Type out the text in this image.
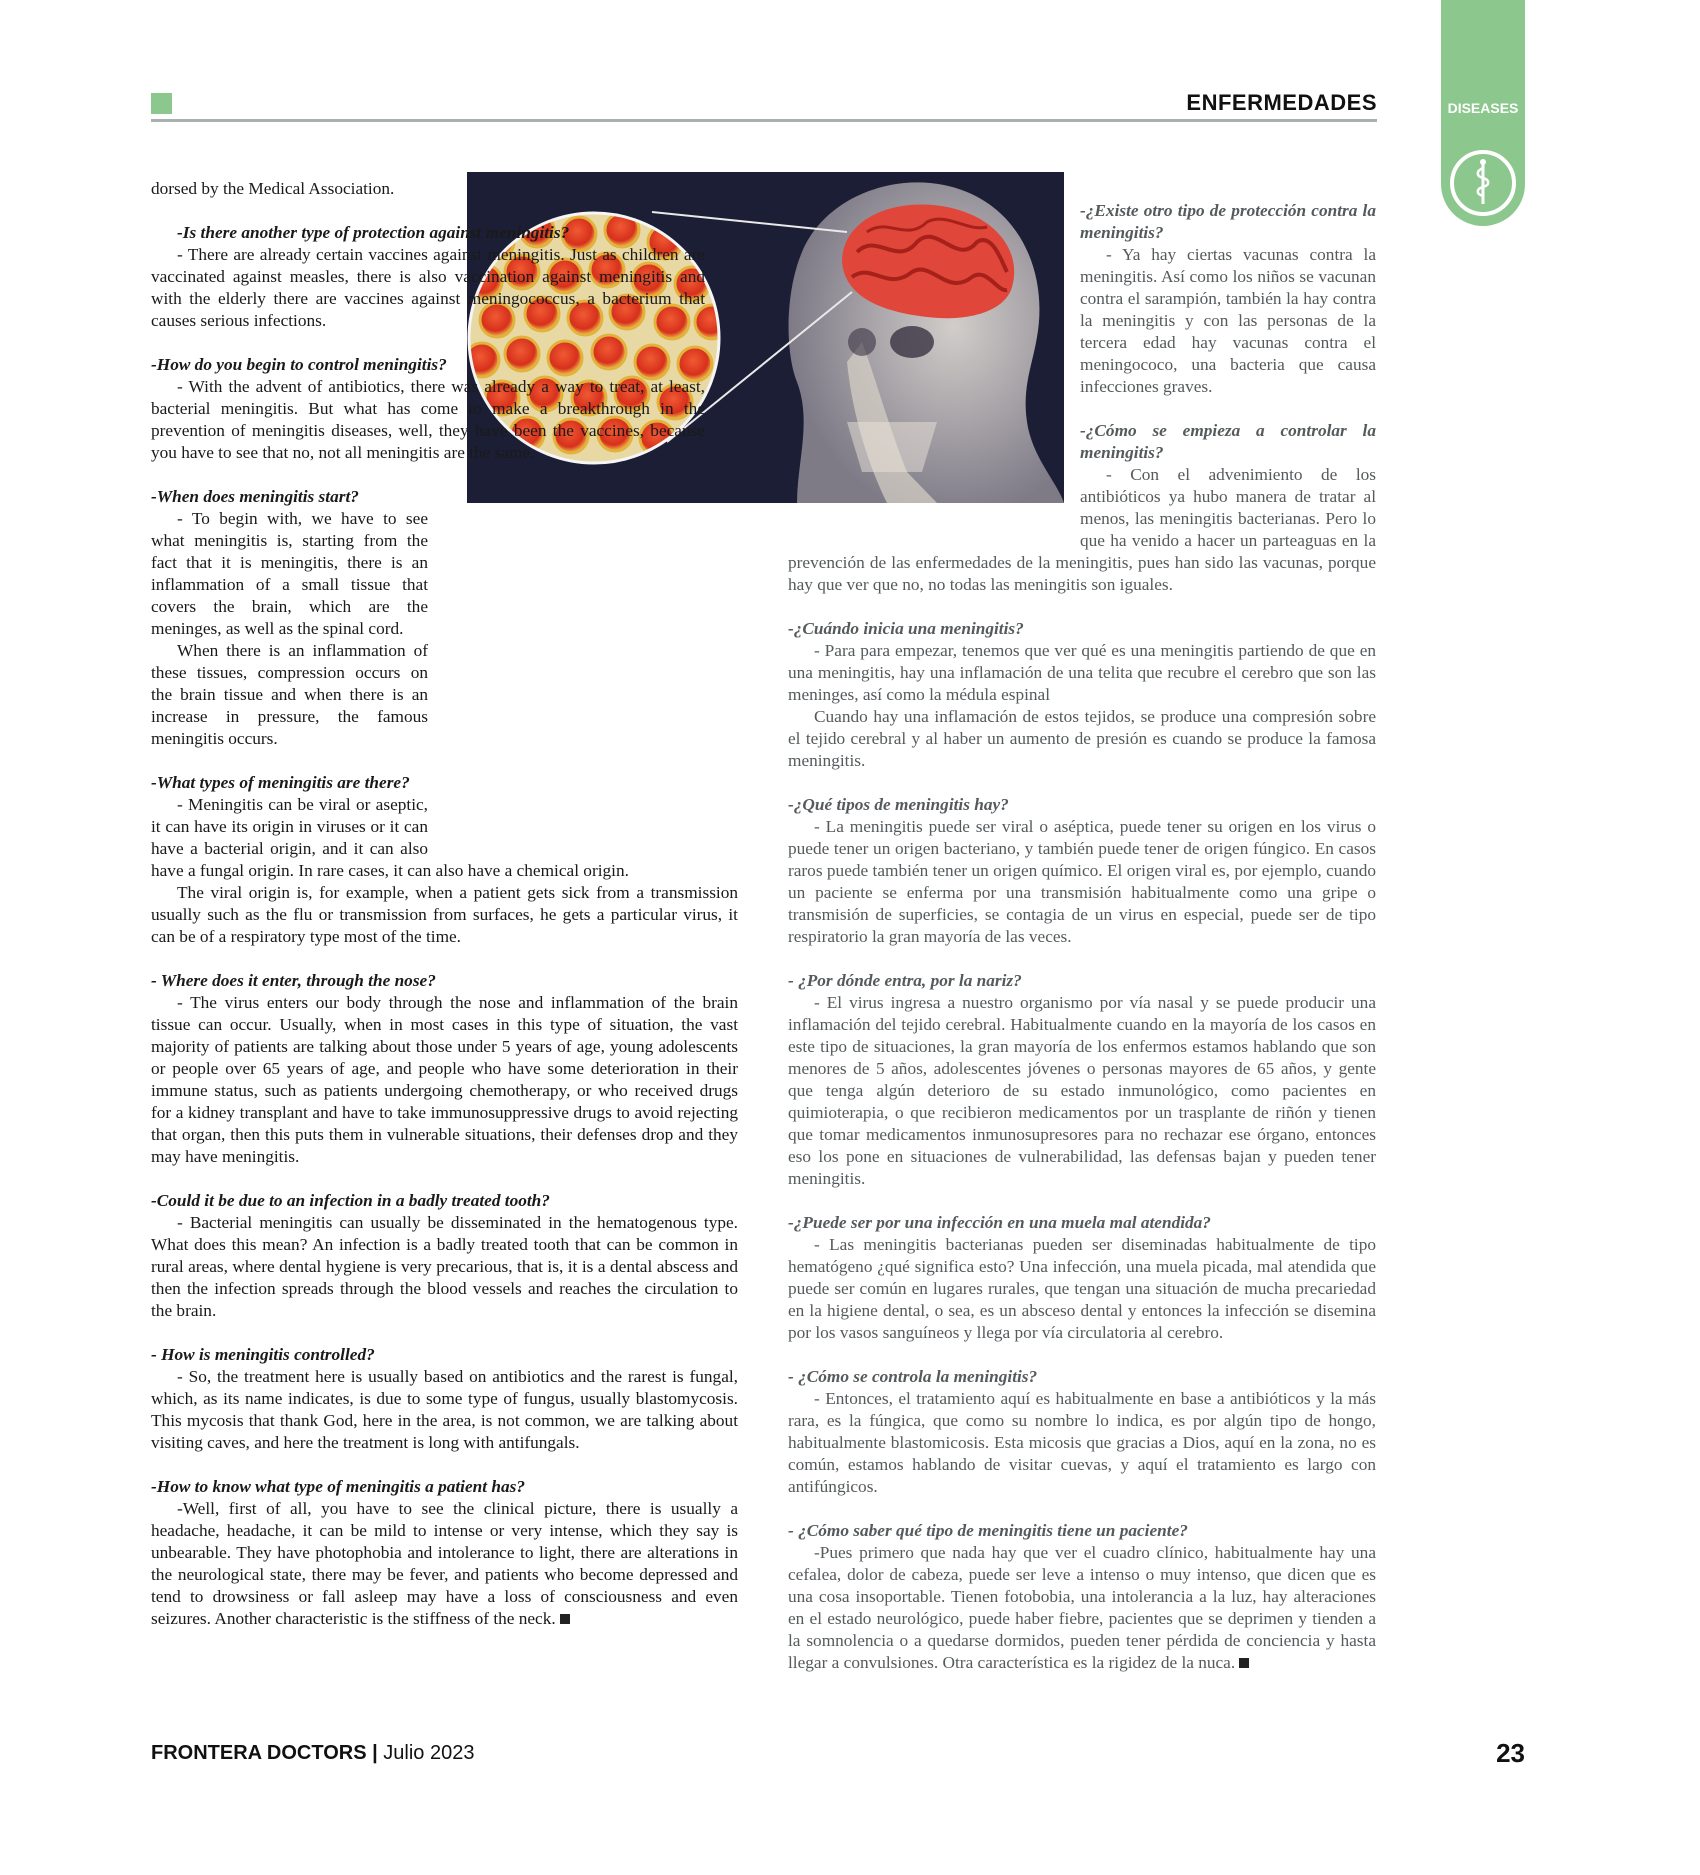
ENFERMEDADES	DISEASES

dorsed by the Medical Association.

-Is there another type of protection against meningitis?

- There are already certain vaccines against meningitis. Just as children are vaccinated against measles, there is also vaccination against meningitis and with the elderly there are vaccines against meningococcus, a bacterium that causes serious infections.

-How do you begin to control meningitis?

- With the advent of antibiotics, there was already a way to treat, at least, bacterial meningitis. But what has come to make a breakthrough in the prevention of meningitis diseases, well, they have been the vaccines, because you have to see that no, not all meningitis are the same.

-When does meningitis start?

- To begin with, we have to see what meningitis is, starting from the fact that it is meningitis, there is an inflammation of a small tissue that covers the brain, which are the meninges, as well as the spinal cord.

When there is an inflammation of these tissues, compression occurs on the brain tissue and when there is an increase in pressure, the famous meningitis occurs.

-What types of meningitis are there?

- Meningitis can be viral or aseptic, it can have its origin in viruses or it can have a bacterial origin, and it can also have a fungal origin. In rare cases, it can also have a chemical origin.

The viral origin is, for example, when a patient gets sick from a transmission usually such as the flu or transmission from surfaces, he gets a particular virus, it can be of a respiratory type most of the time.

- Where does it enter, through the nose?

- The virus enters our body through the nose and inflammation of the brain tissue can occur. Usually, when in most cases in this type of situation, the vast majority of patients are talking about those under 5 years of age, young adolescents or people over 65 years of age, and people who have some deterioration in their immune status, such as patients undergoing chemotherapy, or who received drugs for a kidney transplant and have to take immunosuppressive drugs to avoid rejecting that organ, then this puts them in vulnerable situations, their defenses drop and they may have meningitis.

-Could it be due to an infection in a badly treated tooth?

- Bacterial meningitis can usually be disseminated in the hematogenous type. What does this mean? An infection is a badly treated tooth that can be common in rural areas, where dental hygiene is very precarious, that is, it is a dental abscess and then the infection spreads through the blood vessels and reaches the circulation to the brain.

- How is meningitis controlled?

- So, the treatment here is usually based on antibiotics and the rarest is fungal, which, as its name indicates, is due to some type of fungus, usually blastomycosis. This mycosis that thank God, here in the area, is not common, we are talking about visiting caves, and here the treatment is long with antifungals.

-How to know what type of meningitis a patient has?

-Well, first of all, you have to see the clinical picture, there is usually a headache, headache, it can be mild to intense or very intense, which they say is unbearable. They have photophobia and intolerance to light, there are alterations in the neurological state, there may be fever, and patients who become depressed and tend to drowsiness or fall asleep may have a loss of consciousness and even seizures. Another characteristic is the stiffness of the neck.

-¿Existe otro tipo de protección contra la meningitis?

- Ya hay ciertas vacunas contra la meningitis. Así como los niños se vacunan contra el sarampión, también la hay contra la meningitis y con las personas de la tercera edad hay vacunas contra el meningococo, una bacteria que causa infecciones graves.

-¿Cómo se empieza a controlar la meningitis?

- Con el advenimiento de los antibióticos ya hubo manera de tratar al menos, las meningitis bacterianas. Pero lo que ha venido a hacer un parteaguas en la prevención de las enfermedades de la meningitis, pues han sido las vacunas, porque hay que ver que no, no todas las meningitis son iguales.

-¿Cuándo inicia una meningitis?

- Para para empezar, tenemos que ver qué es una meningitis partiendo de que en una meningitis, hay una inflamación de una telita que recubre el cerebro que son las meninges, así como la médula espinal

Cuando hay una inflamación de estos tejidos, se produce una compresión sobre el tejido cerebral y al haber un aumento de presión es cuando se produce la famosa meningitis.

-¿Qué tipos de meningitis hay?

- La meningitis puede ser viral o aséptica, puede tener su origen en los virus o puede tener un origen bacteriano, y también puede tener de origen fúngico. En casos raros puede también tener un origen químico. El origen viral es, por ejemplo, cuando un paciente se enferma por una transmisión habitualmente como una gripe o transmisión de superficies, se contagia de un virus en especial, puede ser de tipo respiratorio la gran mayoría de las veces.

- ¿Por dónde entra, por la nariz?

- El virus ingresa a nuestro organismo por vía nasal y se puede producir una inflamación del tejido cerebral. Habitualmente cuando en la mayoría de los casos en este tipo de situaciones, la gran mayoría de los enfermos estamos hablando que son menores de 5 años, adolescentes jóvenes o personas mayores de 65 años, y gente que tenga algún deterioro de su estado inmunológico, como pacientes en quimioterapia, o que recibieron medicamentos por un trasplante de riñón y tienen que tomar medicamentos inmunosupresores para no rechazar ese órgano, entonces eso los pone en situaciones de vulnerabilidad, las defensas bajan y pueden tener meningitis.

-¿Puede ser por una infección en una muela mal atendida?

- Las meningitis bacterianas pueden ser diseminadas habitualmente de tipo hematógeno ¿qué significa esto? Una infección, una muela picada, mal atendida que puede ser común en lugares rurales, que tengan una situación de mucha precariedad en la higiene dental, o sea, es un absceso dental y entonces la infección se disemina por los vasos sanguíneos y llega por vía circulatoria al cerebro.

- ¿Cómo se controla la meningitis?

- Entonces, el tratamiento aquí es habitualmente en base a antibióticos y la más rara, es la fúngica, que como su nombre lo indica, es por algún tipo de hongo, habitualmente blastomicosis. Esta micosis que gracias a Dios, aquí en la zona, no es común, estamos hablando de visitar cuevas, y aquí el tratamiento es largo con antifúngicos.

- ¿Cómo saber qué tipo de meningitis tiene un paciente?

-Pues primero que nada hay que ver el cuadro clínico, habitualmente hay una cefalea, dolor de cabeza, puede ser leve a intenso o muy intenso, que dicen que es una cosa insoportable. Tienen fotobobia, una intolerancia a la luz, hay alteraciones en el estado neurológico, puede haber fiebre, pacientes que se deprimen y tienden a la somnolencia o a quedarse dormidos, pueden tener pérdida de conciencia y hasta llegar a convulsiones. Otra característica es la rigidez de la nuca.

FRONTERA DOCTORS | Julio 2023	23
